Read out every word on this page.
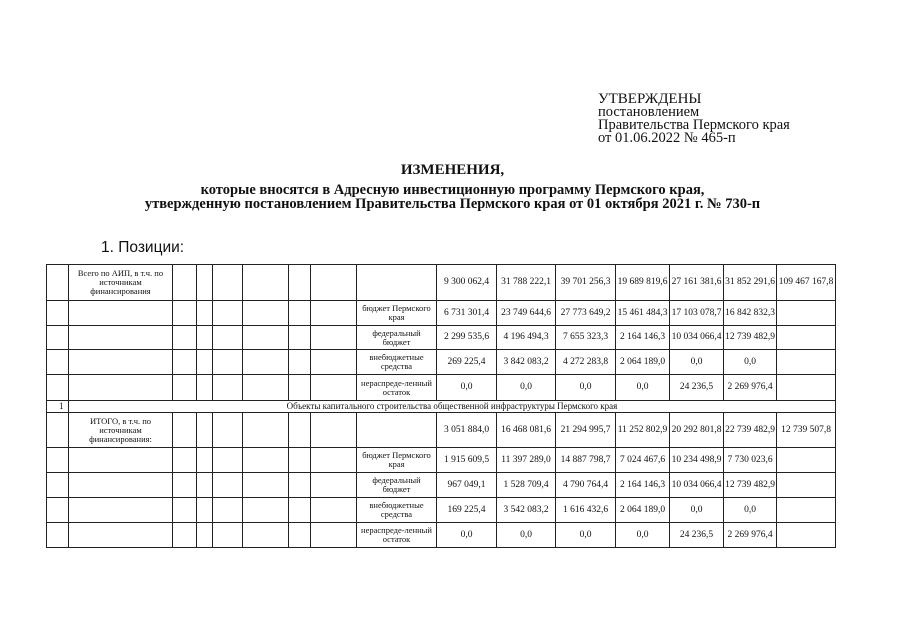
УТВЕРЖДЕНЫ
постановлением
Правительства Пермского края
от 01.06.2022 № 465-п
ИЗМЕНЕНИЯ,
которые вносятся в Адресную инвестиционную программу Пермского края,
утвержденную постановлением Правительства Пермского края от 01 октября 2021 г. № 730-п
1. Позиции:
	Всего по АИП, в т.ч. по источникам финансирования								9 300 062,4	31 788 222,1	39 701 256,3	19 689 819,6	27 161 381,6	31 852 291,6	109 467 167,8
								бюджет Пермского края	6 731 301,4	23 749 644,6	27 773 649,2	15 461 484,3	17 103 078,7	16 842 832,3	
								федеральный бюджет	2 299 535,6	4 196 494,3	7 655 323,3	2 164 146,3	10 034 066,4	12 739 482,9	
								внебюджетные средства	269 225,4	3 842 083,2	4 272 283,8	2 064 189,0	0,0	0,0	
								нераспреде-ленный остаток	0,0	0,0	0,0	0,0	24 236,5	2 269 976,4	
1	Объекты капитального строительства общественной инфраструктуры Пермского края														
	ИТОГО, в т.ч. по источникам финансирования:								3 051 884,0	16 468 081,6	21 294 995,7	11 252 802,9	20 292 801,8	22 739 482,9	12 739 507,8
								бюджет Пермского края	1 915 609,5	11 397 289,0	14 887 798,7	7 024 467,6	10 234 498,9	7 730 023,6	
								федеральный бюджет	967 049,1	1 528 709,4	4 790 764,4	2 164 146,3	10 034 066,4	12 739 482,9	
								внебюджетные средства	169 225,4	3 542 083,2	1 616 432,6	2 064 189,0	0,0	0,0	
								нераспреде-ленный остаток	0,0	0,0	0,0	0,0	24 236,5	2 269 976,4	
